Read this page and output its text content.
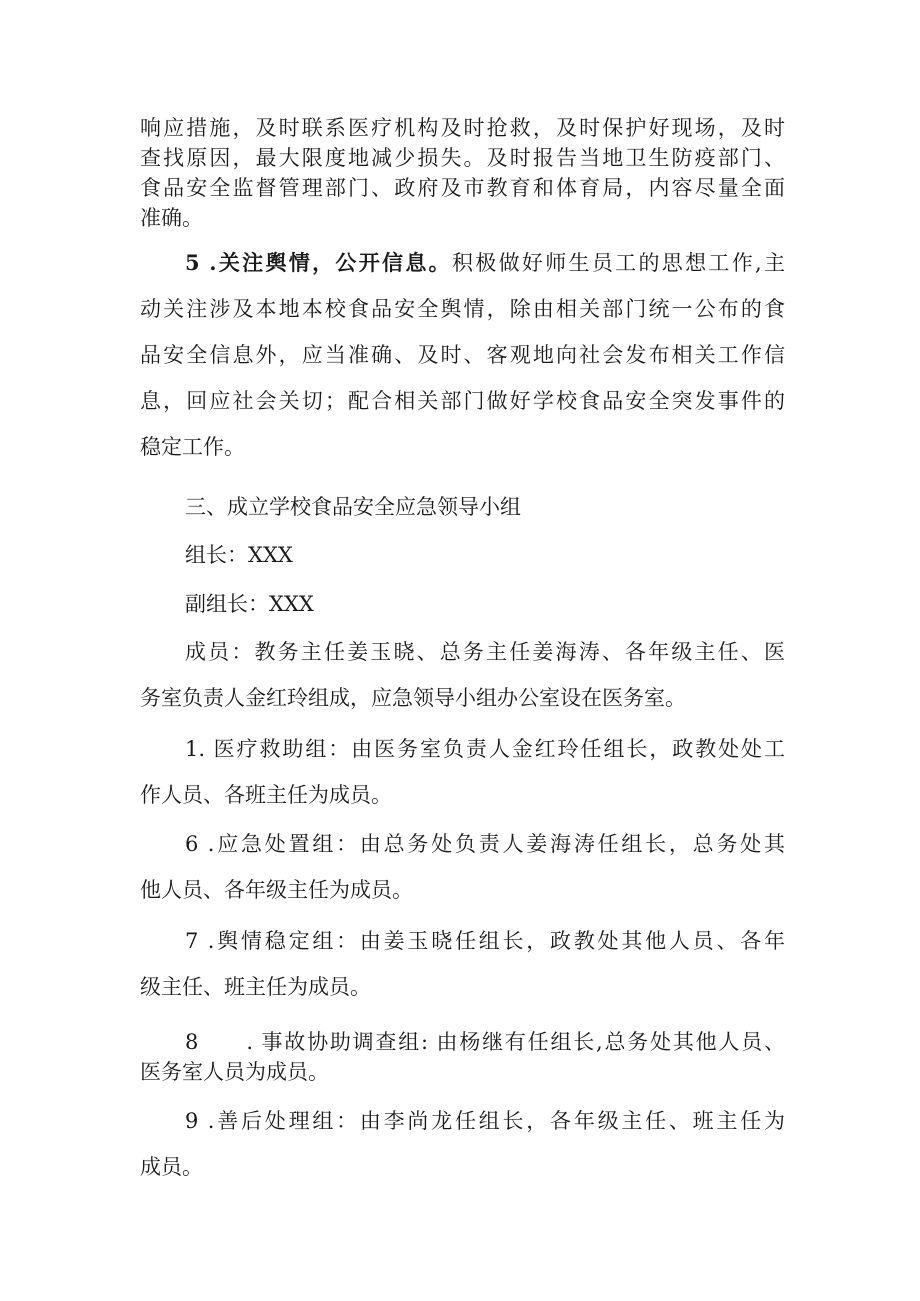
响应措施，及时联系医疗机构及时抢救，及时保护好现场，及时
查找原因，最大限度地减少损失。及时报告当地卫生防疫部门、
食品安全监督管理部门、政府及市教育和体育局，内容尽量全面
准确。
5 .关注舆情，公开信息。积极做好师生员工的思想工作,主
动关注涉及本地本校食品安全舆情，除由相关部门统一公布的食
品安全信息外，应当准确、及时、客观地向社会发布相关工作信
息，回应社会关切；配合相关部门做好学校食品安全突发事件的
稳定工作。
三、成立学校食品安全应急领导小组
组长：XXX
副组长：XXX
成员：教务主任姜玉晓、总务主任姜海涛、各年级主任、医
务室负责人金红玲组成，应急领导小组办公室设在医务室。
1. 医疗救助组：由医务室负责人金红玲任组长，政教处处工
作人员、各班主任为成员。
6 .应急处置组：由总务处负责人姜海涛任组长，总务处其
他人员、各年级主任为成员。
7 .舆情稳定组：由姜玉晓任组长，政教处其他人员、各年
级主任、班主任为成员。
8 . 事故协助调查组: 由杨继有任组长,总务处其他人员、
医务室人员为成员。
9 .善后处理组：由李尚龙任组长，各年级主任、班主任为
成员。
